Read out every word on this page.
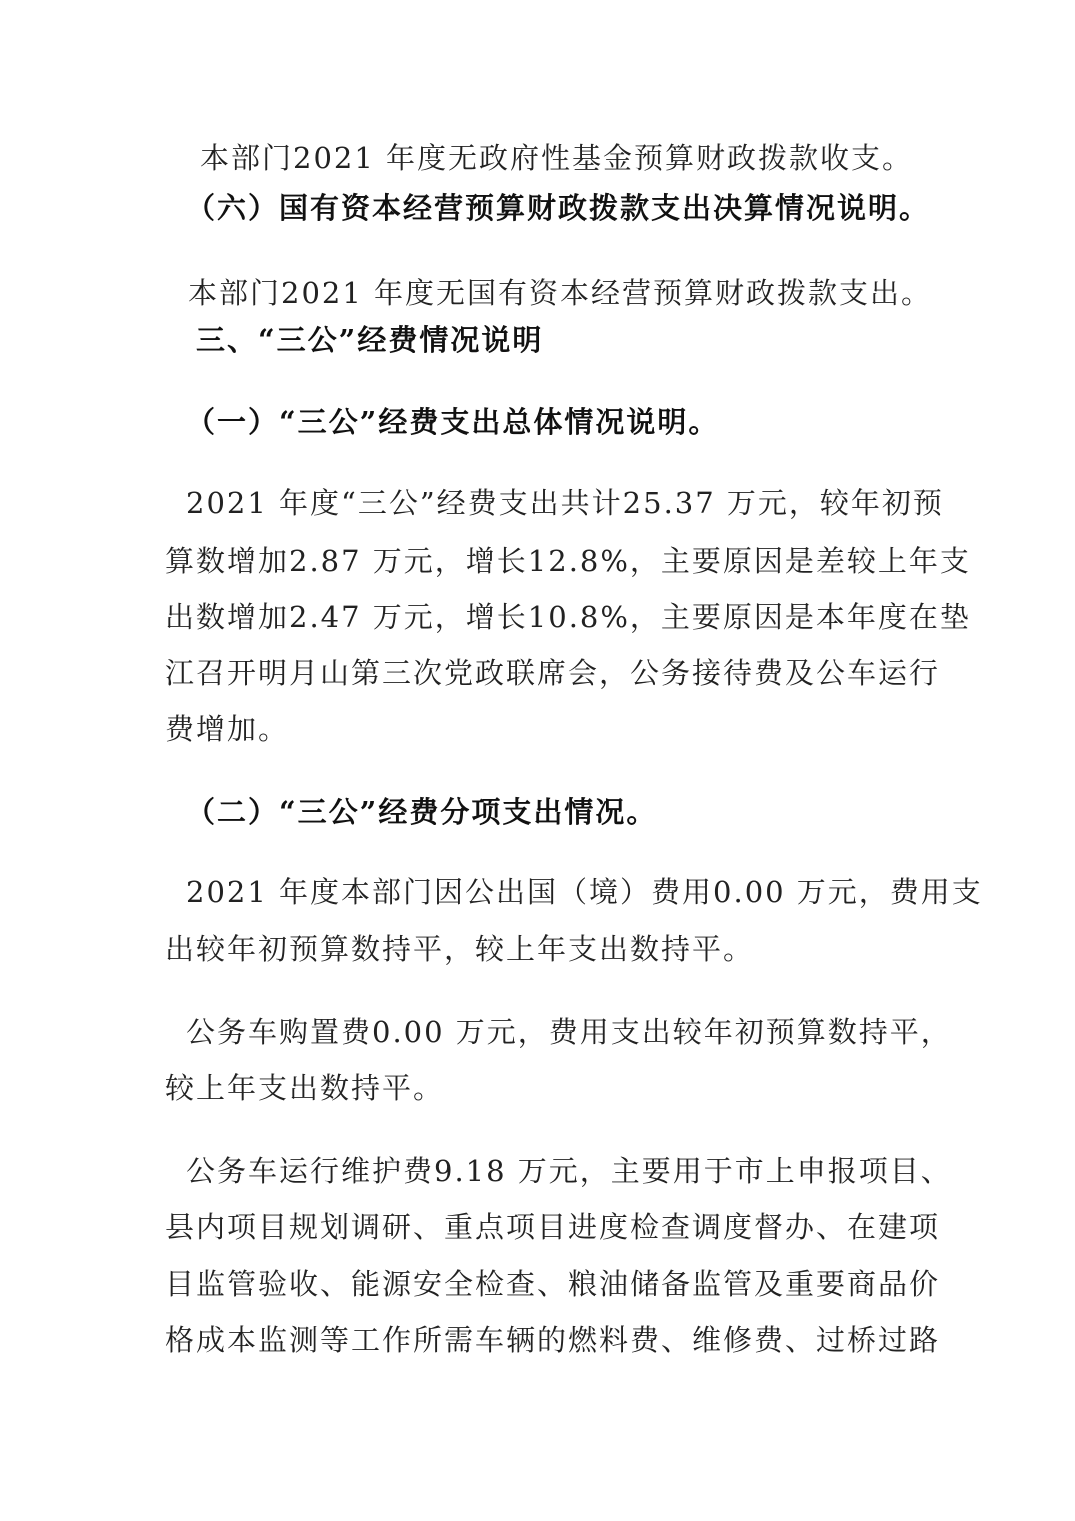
本部门2021 年度无政府性基金预算财政拨款收支。
（六）国有资本经营预算财政拨款支出决算情况说明。
本部门2021 年度无国有资本经营预算财政拨款支出。
三、“三公”经费情况说明
（一）“三公”经费支出总体情况说明。
2021 年度“三公”经费支出共计25.37 万元，较年初预
算数增加2.87 万元，增长12.8%，主要原因是差较上年支
出数增加2.47 万元，增长10.8%，主要原因是本年度在垫
江召开明月山第三次党政联席会，公务接待费及公车运行
费增加。
（二）“三公”经费分项支出情况。
2021 年度本部门因公出国（境）费用0.00 万元，费用支
出较年初预算数持平，较上年支出数持平。
公务车购置费0.00 万元，费用支出较年初预算数持平，
较上年支出数持平。
公务车运行维护费9.18 万元，主要用于市上申报项目、
县内项目规划调研、重点项目进度检查调度督办、在建项
目监管验收、能源安全检查、粮油储备监管及重要商品价
格成本监测等工作所需车辆的燃料费、维修费、过桥过路
